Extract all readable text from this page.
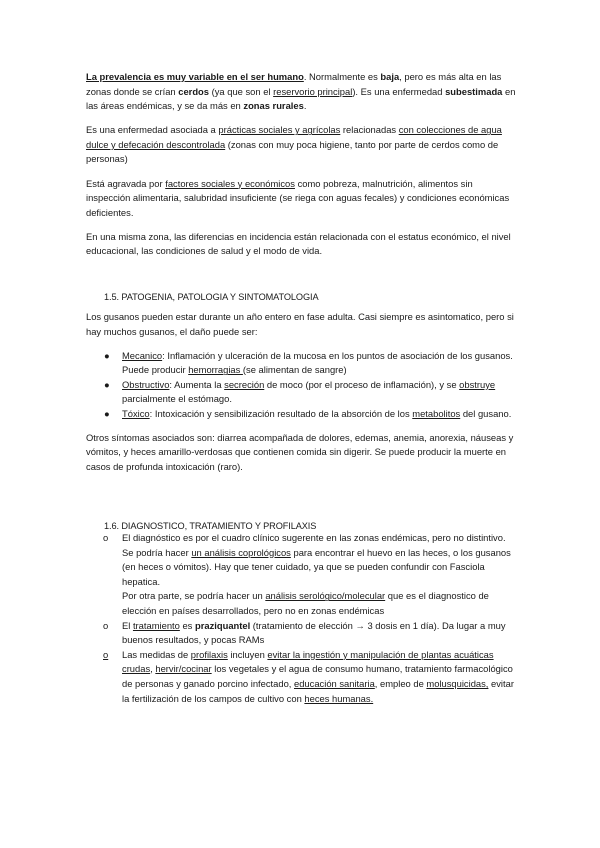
La prevalencia es muy variable en el ser humano. Normalmente es baja, pero es más alta en las zonas donde se crían cerdos (ya que son el reservorio principal). Es una enfermedad subestimada en las áreas endémicas, y se da más en zonas rurales.

Es una enfermedad asociada a prácticas sociales y agrícolas relacionadas con colecciones de agua dulce y defecación descontrolada (zonas con muy poca higiene, tanto por parte de cerdos como de personas)

Está agravada por factores sociales y económicos como pobreza, malnutrición, alimentos sin inspección alimentaria, salubridad insuficiente (se riega con aguas fecales) y condiciones económicas deficientes.

En una misma zona, las diferencias en incidencia están relacionada con el estatus económico, el nivel educacional, las condiciones de salud y el modo de vida.

1.5. PATOGENIA, PATOLOGIA Y SINTOMATOLOGIA

Los gusanos pueden estar durante un año entero en fase adulta. Casi siempre es asintomatico, pero si hay muchos gusanos, el daño puede ser:

● Mecanico: Inflamación y ulceración de la mucosa en los puntos de asociación de los gusanos. Puede producir hemorragias (se alimentan de sangre)
● Obstructivo: Aumenta la secreción de moco (por el proceso de inflamación), y se obstruye parcialmente el estómago.
● Tóxico: Intoxicación y sensibilización resultado de la absorción de los metabolitos del gusano.

Otros síntomas asociados son: diarrea acompañada de dolores, edemas, anemia, anorexia, náuseas y vómitos, y heces amarillo-verdosas que contienen comida sin digerir. Se puede producir la muerte en casos de profunda intoxicación (raro).

1.6. DIAGNOSTICO, TRATAMIENTO Y PROFILAXIS
o El diagnóstico es por el cuadro clínico sugerente en las zonas endémicas, pero no distintivo. Se podría hacer un análisis coprológicos para encontrar el huevo en las heces, o los gusanos (en heces o vómitos). Hay que tener cuidado, ya que se pueden confundir con Fasciola hepatica.
Por otra parte, se podría hacer un análisis serológico/molecular que es el diagnostico de elección en países desarrollados, pero no en zonas endémicas
o El tratamiento es praziquantel (tratamiento de elección → 3 dosis en 1 día). Da lugar a muy buenos resultados, y pocas RAMs
o Las medidas de profilaxis incluyen evitar la ingestión y manipulación de plantas acuáticas crudas, hervir/cocinar los vegetales y el agua de consumo humano, tratamiento farmacológico de personas y ganado porcino infectado, educación sanitaria, empleo de molusquicidas, evitar la fertilización de los campos de cultivo con heces humanas.
